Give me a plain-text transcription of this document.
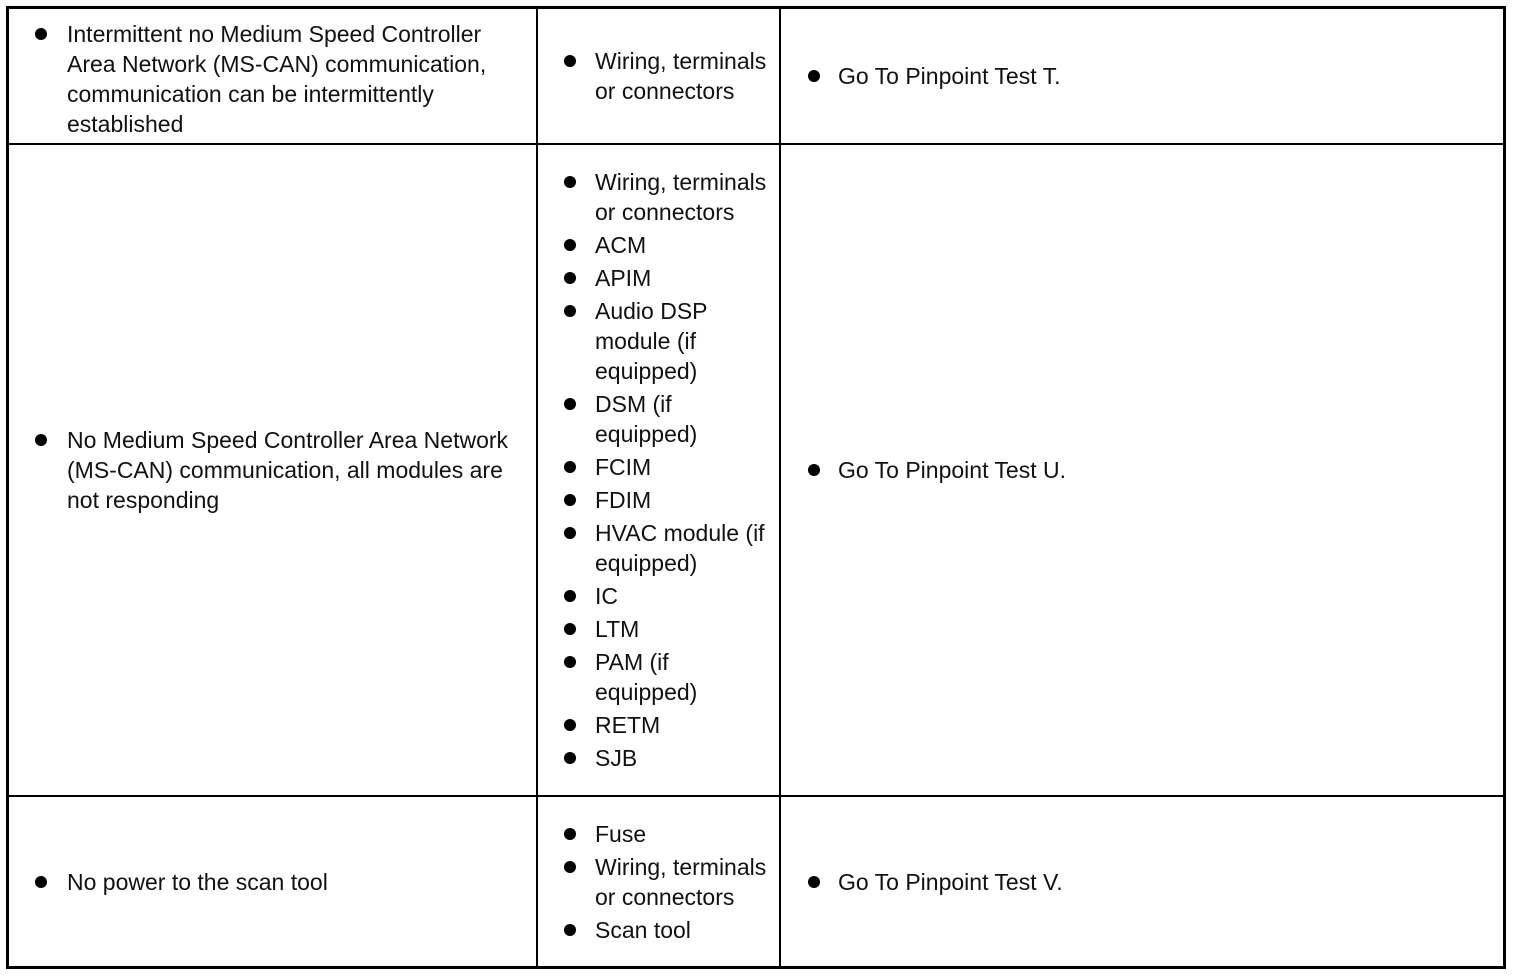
Intermittent no Medium Speed Controller Area Network (MS-CAN) communication, communication can be intermittently established
Wiring, terminals or connectors
Go To Pinpoint Test T.
No Medium Speed Controller Area Network (MS-CAN) communication, all modules are not responding
Wiring, terminals or connectors
ACM
APIM
Audio DSP module (if equipped)
DSM (if equipped)
FCIM
FDIM
HVAC module (if equipped)
IC
LTM
PAM (if equipped)
RETM
SJB
Go To Pinpoint Test U.
No power to the scan tool
Fuse
Wiring, terminals or connectors
Scan tool
Go To Pinpoint Test V.
